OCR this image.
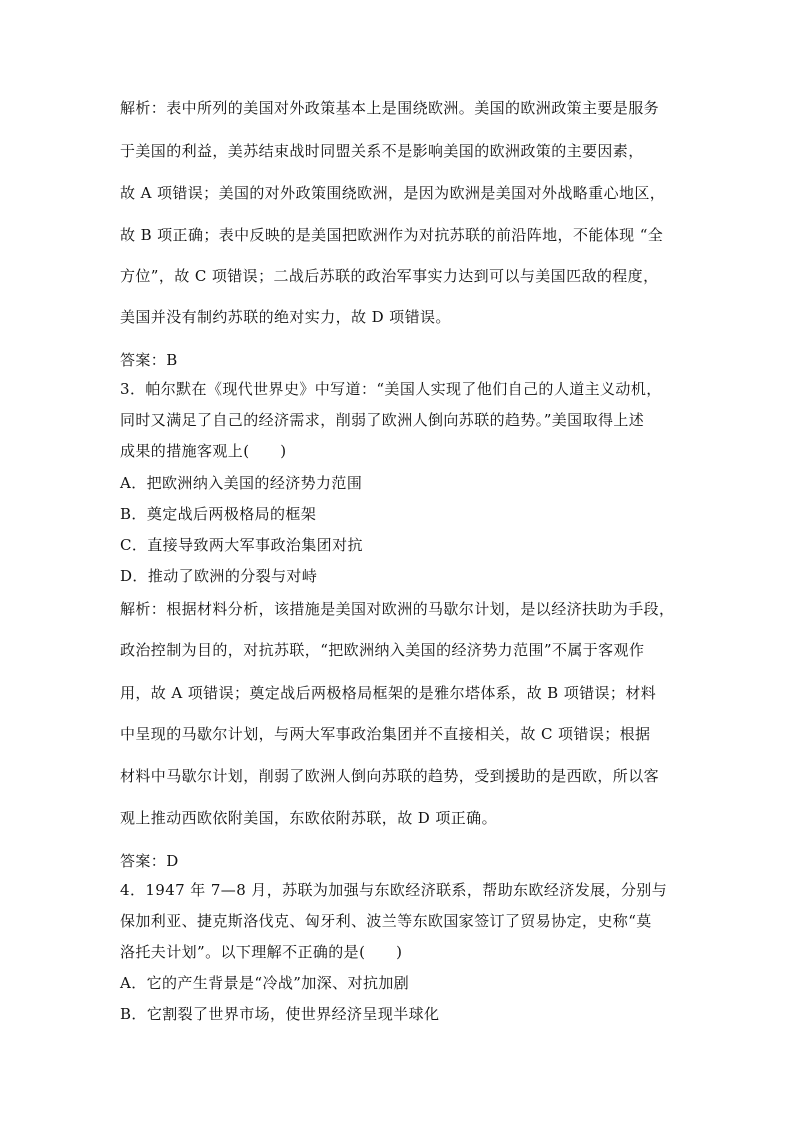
解析：表中所列的美国对外政策基本上是围绕欧洲。美国的欧洲政策主要是服务
于美国的利益，美苏结束战时同盟关系不是影响美国的欧洲政策的主要因素，
故 A 项错误；美国的对外政策围绕欧洲，是因为欧洲是美国对外战略重心地区，
故 B 项正确；表中反映的是美国把欧洲作为对抗苏联的前沿阵地，不能体现 “全
方位”，故 C 项错误；二战后苏联的政治军事实力达到可以与美国匹敌的程度，
美国并没有制约苏联的绝对实力，故 D 项错误。
答案：B
3．帕尔默在《现代世界史》中写道：“美国人实现了他们自己的人道主义动机，
同时又满足了自己的经济需求，削弱了欧洲人倒向苏联的趋势。”美国取得上述
成果的措施客观上(　　)
A．把欧洲纳入美国的经济势力范围
B．奠定战后两极格局的框架
C．直接导致两大军事政治集团对抗
D．推动了欧洲的分裂与对峙
解析：根据材料分析，该措施是美国对欧洲的马歇尔计划，是以经济扶助为手段，
政治控制为目的，对抗苏联，“把欧洲纳入美国的经济势力范围”不属于客观作
用，故 A 项错误；奠定战后两极格局框架的是雅尔塔体系，故 B 项错误；材料
中呈现的马歇尔计划，与两大军事政治集团并不直接相关，故 C 项错误；根据
材料中马歇尔计划，削弱了欧洲人倒向苏联的趋势，受到援助的是西欧，所以客
观上推动西欧依附美国，东欧依附苏联，故 D 项正确。
答案：D
4．1947 年 7—8 月，苏联为加强与东欧经济联系，帮助东欧经济发展，分别与
保加利亚、捷克斯洛伐克、匈牙利、波兰等东欧国家签订了贸易协定，史称“莫
洛托夫计划”。以下理解不正确的是(　　)
A．它的产生背景是“冷战”加深、对抗加剧
B．它割裂了世界市场，使世界经济呈现半球化
